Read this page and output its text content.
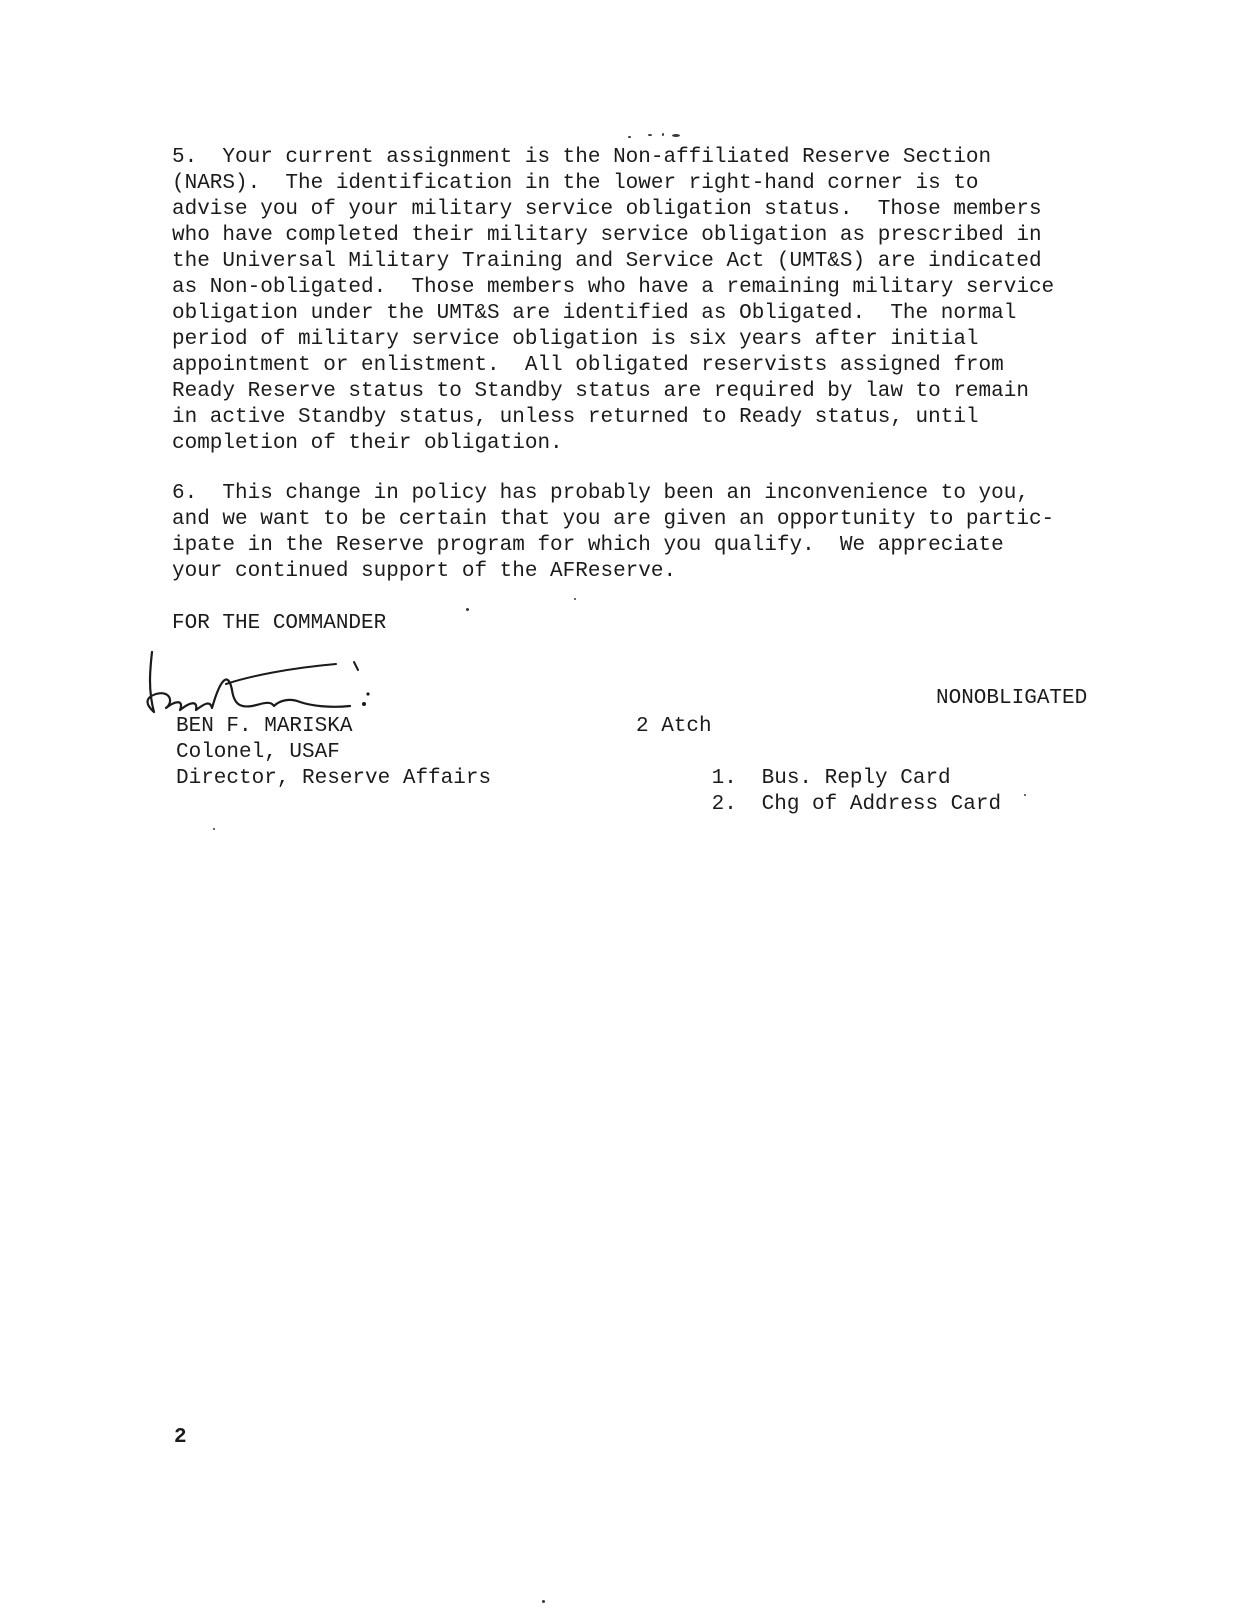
5.  Your current assignment is the Non-affiliated Reserve Section
(NARS).  The identification in the lower right-hand corner is to
advise you of your military service obligation status.  Those members
who have completed their military service obligation as prescribed in
the Universal Military Training and Service Act (UMT&S) are indicated
as Non-obligated.  Those members who have a remaining military service
obligation under the UMT&S are identified as Obligated.  The normal
period of military service obligation is six years after initial
appointment or enlistment.  All obligated reservists assigned from
Ready Reserve status to Standby status are required by law to remain
in active Standby status, unless returned to Ready status, until
completion of their obligation.
6.  This change in policy has probably been an inconvenience to you,
and we want to be certain that you are given an opportunity to partic-
ipate in the Reserve program for which you qualify.  We appreciate
your continued support of the AFReserve.
FOR THE COMMANDER
NONOBLIGATED
BEN F. MARISKA
Colonel, USAF
Director, Reserve Affairs
2 Atch

1. Bus. Reply Card

2. Chg of Address Card

2
